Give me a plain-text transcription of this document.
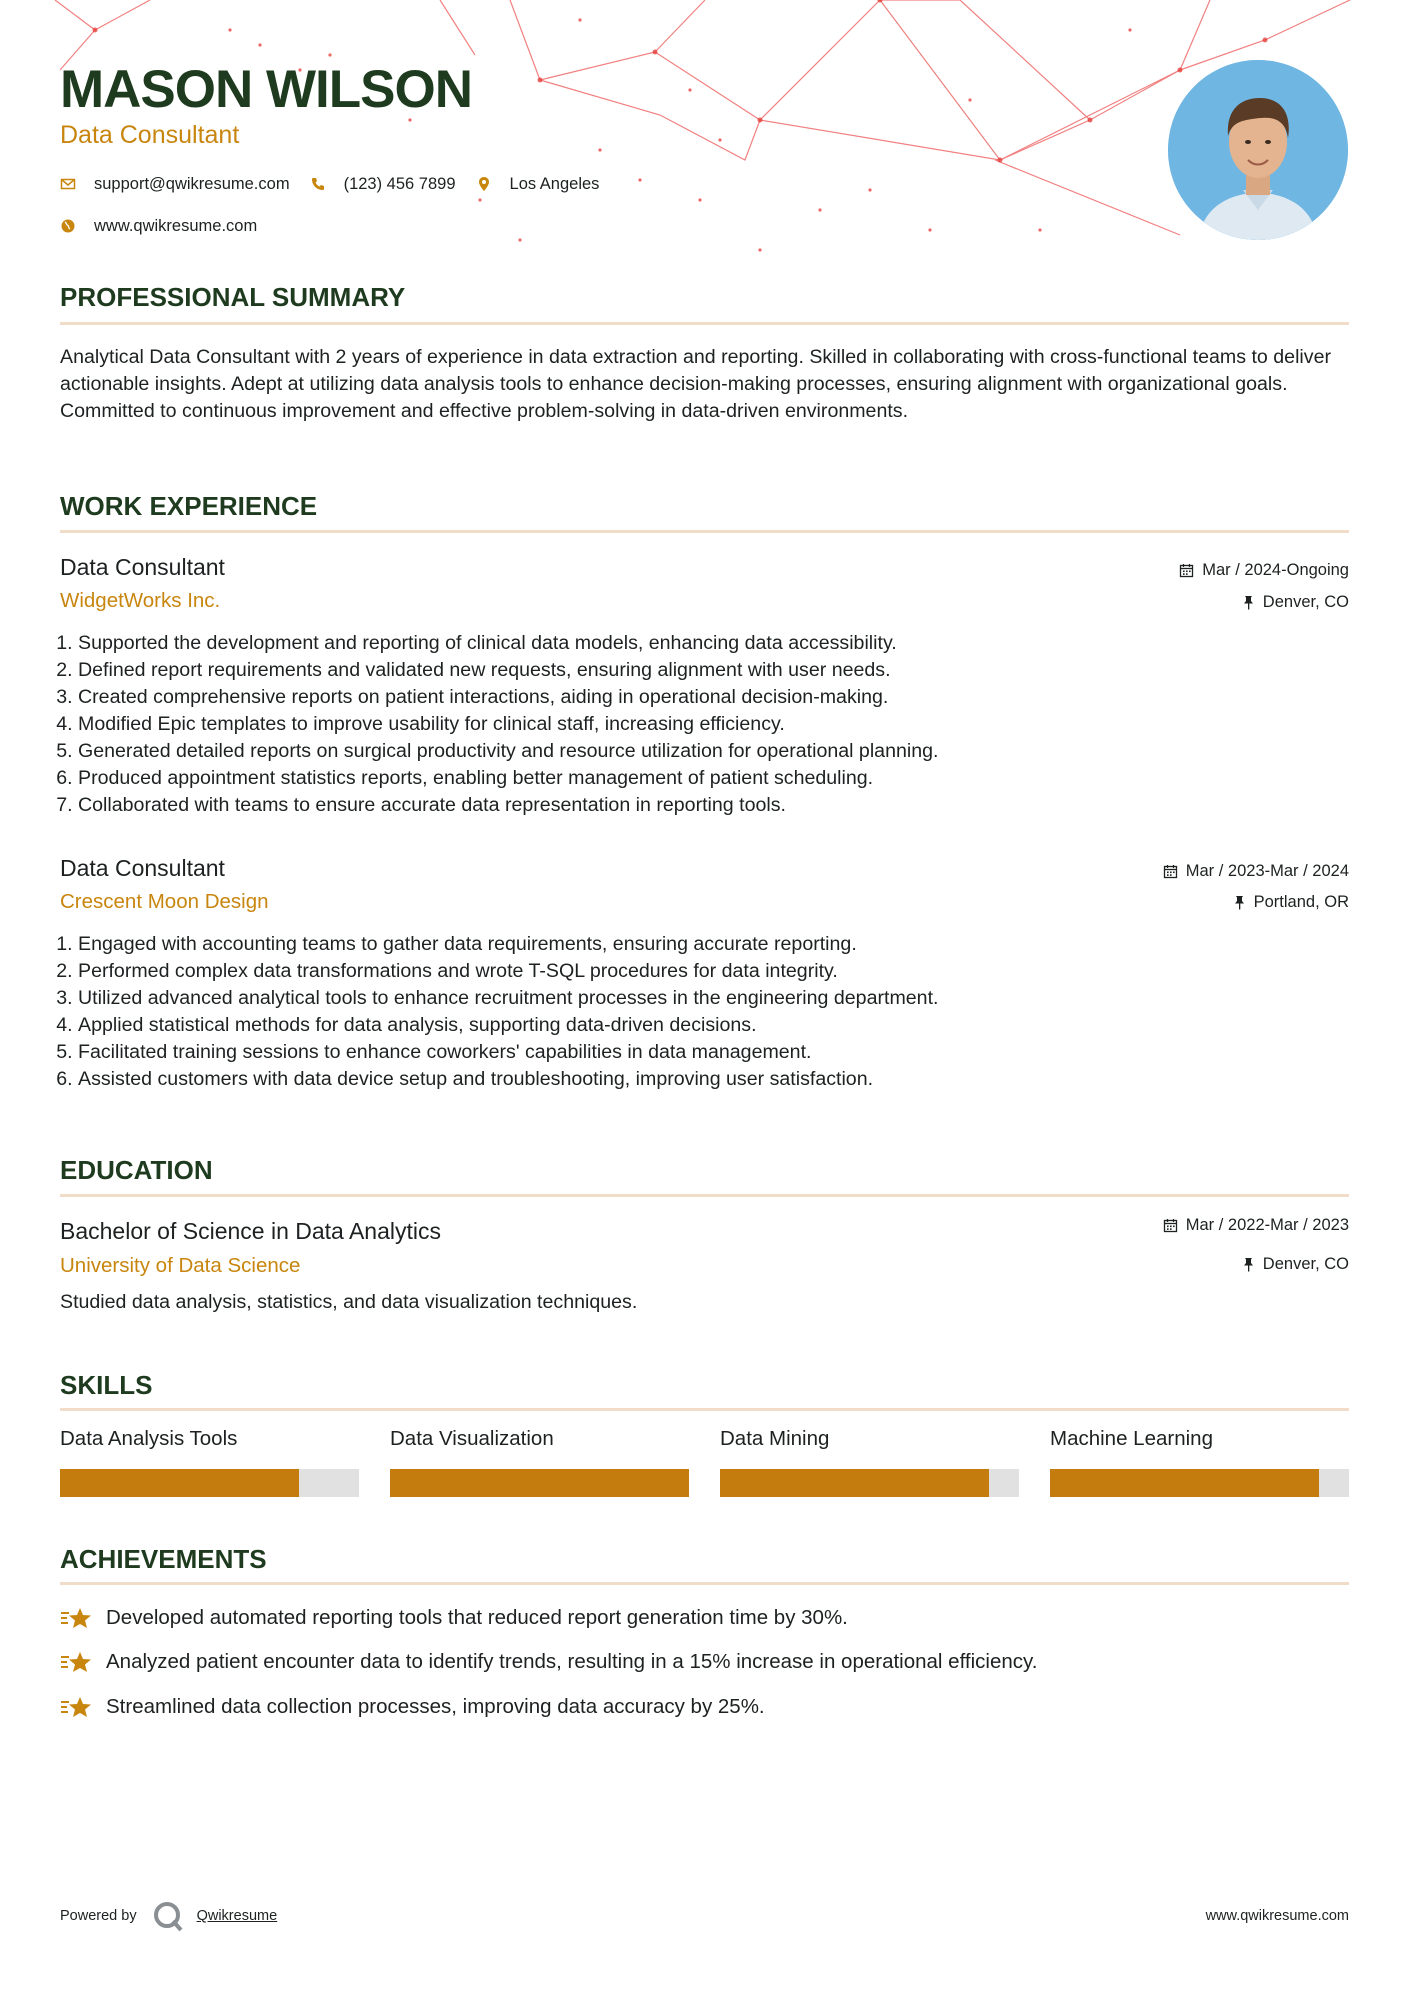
MASON WILSON
Data Consultant
support@qwikresume.com	(123) 456 7899	Los Angeles
www.qwikresume.com
PROFESSIONAL SUMMARY

Analytical Data Consultant with 2 years of experience in data extraction and reporting. Skilled in collaborating with cross-functional teams to deliver actionable insights. Adept at utilizing data analysis tools to enhance decision-making processes, ensuring alignment with organizational goals. Committed to continuous improvement and effective problem-solving in data-driven environments.

WORK EXPERIENCE
Data Consultant
WidgetWorks Inc.
Mar / 2024-Ongoing
Denver, CO
1. Supported the development and reporting of clinical data models, enhancing data accessibility.
2. Defined report requirements and validated new requests, ensuring alignment with user needs.
3. Created comprehensive reports on patient interactions, aiding in operational decision-making.
4. Modified Epic templates to improve usability for clinical staff, increasing efficiency.
5. Generated detailed reports on surgical productivity and resource utilization for operational planning.
6. Produced appointment statistics reports, enabling better management of patient scheduling.
7. Collaborated with teams to ensure accurate data representation in reporting tools.
Data Consultant
Crescent Moon Design
Mar / 2023-Mar / 2024
Portland, OR
1. Engaged with accounting teams to gather data requirements, ensuring accurate reporting.
2. Performed complex data transformations and wrote T-SQL procedures for data integrity.
3. Utilized advanced analytical tools to enhance recruitment processes in the engineering department.
4. Applied statistical methods for data analysis, supporting data-driven decisions.
5. Facilitated training sessions to enhance coworkers' capabilities in data management.
6. Assisted customers with data device setup and troubleshooting, improving user satisfaction.
EDUCATION
Bachelor of Science in Data Analytics
University of Data Science
Mar / 2022-Mar / 2023
Denver, CO

Studied data analysis, statistics, and data visualization techniques.

SKILLS
Data Analysis Tools	Data Visualization	Data Mining	Machine Learning
ACHIEVEMENTS
Developed automated reporting tools that reduced report generation time by 30%.
Analyzed patient encounter data to identify trends, resulting in a 15% increase in operational efficiency.
Streamlined data collection processes, improving data accuracy by 25%.
Powered by	Qwikresume	www.qwikresume.com
